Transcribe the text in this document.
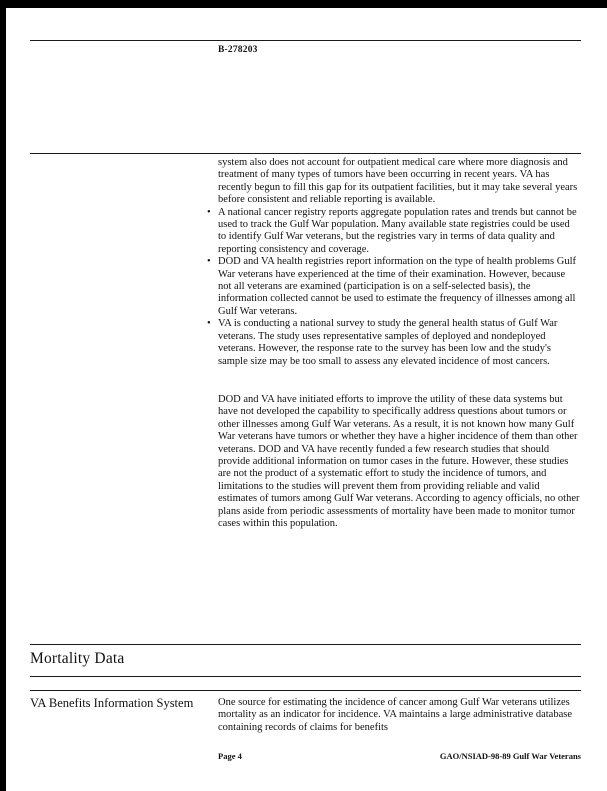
B-278203

system also does not account for outpatient medical care where more diagnosis and treatment of many types of tumors have been occurring in recent years. VA has recently begun to fill this gap for its outpatient facilities, but it may take several years before consistent and reliable reporting is available.

• A national cancer registry reports aggregate population rates and trends but cannot be used to track the Gulf War population. Many available state registries could be used to identify Gulf War veterans, but the registries vary in terms of data quality and reporting consistency and coverage.
• DOD and VA health registries report information on the type of health problems Gulf War veterans have experienced at the time of their examination. However, because not all veterans are examined (participation is on a self-selected basis), the information collected cannot be used to estimate the frequency of illnesses among all Gulf War veterans.
• VA is conducting a national survey to study the general health status of Gulf War veterans. The study uses representative samples of deployed and nondeployed veterans. However, the response rate to the survey has been low and the study's sample size may be too small to assess any elevated incidence of most cancers.

DOD and VA have initiated efforts to improve the utility of these data systems but have not developed the capability to specifically address questions about tumors or other illnesses among Gulf War veterans. As a result, it is not known how many Gulf War veterans have tumors or whether they have a higher incidence of them than other veterans. DOD and VA have recently funded a few research studies that should provide additional information on tumor cases in the future. However, these studies are not the product of a systematic effort to study the incidence of tumors, and limitations to the studies will prevent them from providing reliable and valid estimates of tumors among Gulf War veterans. According to agency officials, no other plans aside from periodic assessments of mortality have been made to monitor tumor cases within this population.

Mortality Data
VA Benefits Information System	One source for estimating the incidence of cancer among Gulf War veterans utilizes mortality as an indicator for incidence. VA maintains a large administrative database containing records of claims for benefits

Page 4	GAO/NSIAD-98-89 Gulf War Veterans
